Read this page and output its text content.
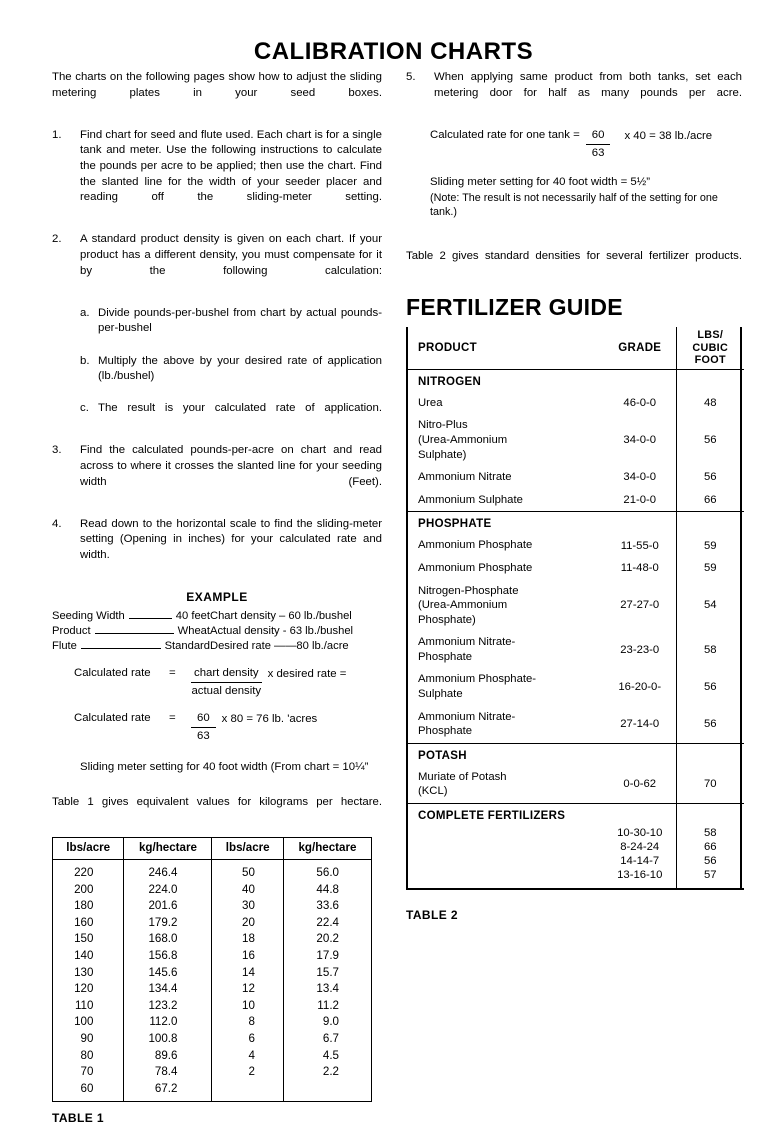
CALIBRATION CHARTS
The charts on the following pages show how to adjust the sliding metering plates in your seed boxes.
1.	Find chart for seed and flute used. Each chart is for a single tank and meter. Use the following instructions to calculate the pounds per acre to be applied; then use the chart. Find the slanted line for the width of your seeder placer and reading off the sliding-meter setting.
2.	A standard product density is given on each chart. If your product has a different density, you must compensate for it by the following calculation:
a. Divide pounds-per-bushel from chart by actual pounds-per-bushel
b. Multiply the above by your desired rate of application (lb./bushel)
c. The result is your calculated rate of application.
3.	Find the calculated pounds-per-acre on chart and read across to where it crosses the slanted line for your seeding width (Feet).
4.	Read down to the horizontal scale to find the sliding-meter setting (Opening in inches) for your calculated rate and width.
EXAMPLE
Seeding Width	40 feet Chart density – 60 lb./bushel
Product	Wheat Actual density - 63 lb./bushel
Flute	Standard Desired rate ——80 lb./acre
Calculated rate	=	$\frac{\text{chart density}}{\text{actual density}}$ x desired rate =
Calculated rate	=	$\frac{60}{63}$ x 80 = 76 lb. 'acres
Sliding meter setting for 40 foot width (From chart = 10¼”
Table 1 gives equivalent values for kilograms per hectare.
lbs/acre	kg/hectare	lbs/acre	kg/hectare
220	246.4	50	56.0
200	224.0	40	44.8
180	201.6	30	33.6
160	179.2	20	22.4
150	168.0	18	20.2
140	156.8	16	17.9
130	145.6	14	15.7
120	134.4	12	13.4
110	123.2	10	11.2
100	112.0	8	9.0
90	100.8	6	6.7
80	89.6	4	4.5
70	78.4	2	2.2
60	67.2		
TABLE 1
5.	When applying same product from both tanks, set each metering door for half as many pounds per acre.
Calculated rate for one $\tan k = \frac{60}{63}$ x 40 = 38 lb./acre
Sliding meter setting for 40 foot width = 5½”
(Note: The result is not necessarily half of the setting for one tank.)
Table 2 gives standard densities for several fertilizer products.
FERTILIZER GUIDE
PRODUCT	GRADE	LBS/
CUBIC
FOOT

NITROGEN		
Urea	46-0-0	48
Nitro-Plus
(Urea-Ammonium
Sulphate)	34-0-0	56
Ammonium Nitrate	34-0-0	56
Ammonium Sulphate	21-0-0	66

PHOSPHATE		
Ammonium Phosphate	11-55-0	59
Ammonium Phosphate	11-48-0	59
Nitrogen-Phosphate
(Urea-Ammonium
Phosphate)	27-27-0	54
Ammonium Nitrate-
Phosphate	23-23-0	58
Ammonium Phosphate-
Sulphate	16-20-0-	56
Ammonium Nitrate-
Phosphate	27-14-0	56

POTASH		
Muriate of Potash
(KCL)	0-0-62	70

COMPLETE FERTILIZERS		
	10-30-10	58
	8-24-24	66
	14-14-7	56
	13-16-10	57
TABLE 2
